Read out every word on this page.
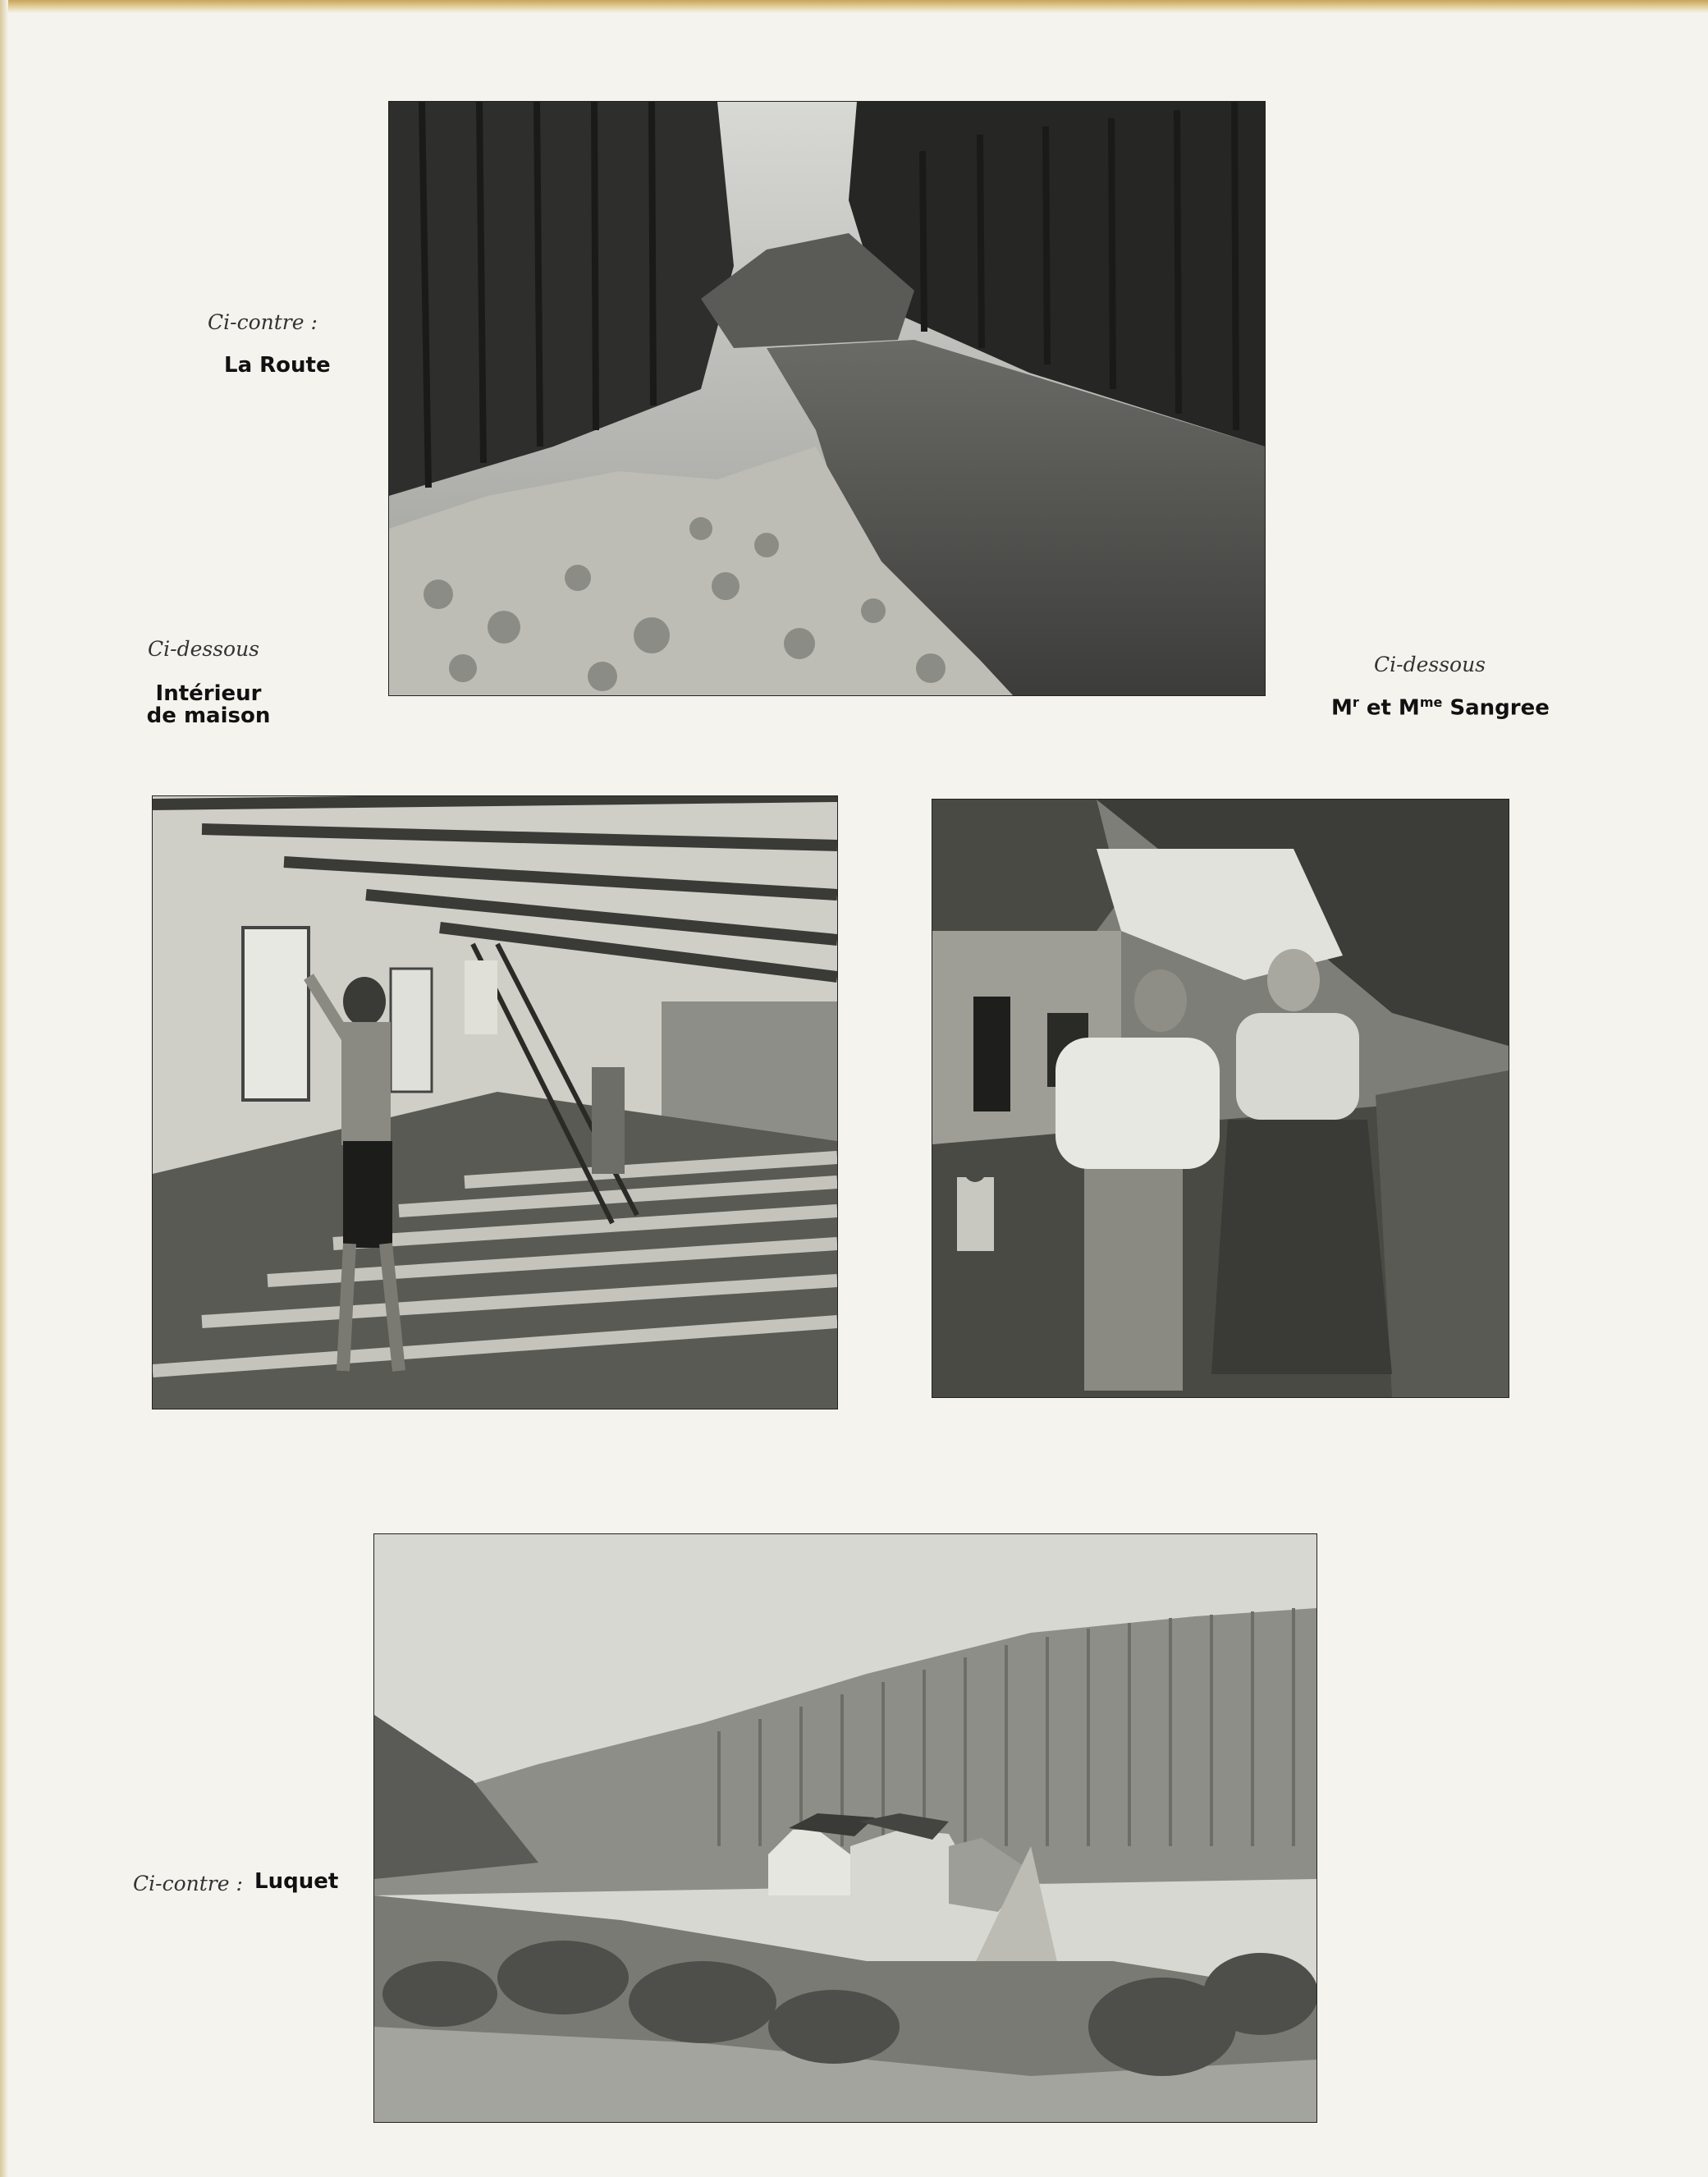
Ci-contre :
La Route
Ci-dessous
Intérieur
de maison
Ci-dessous
$M^r$ et $M^{me}$ Sangree
Ci-contre : Luquet
